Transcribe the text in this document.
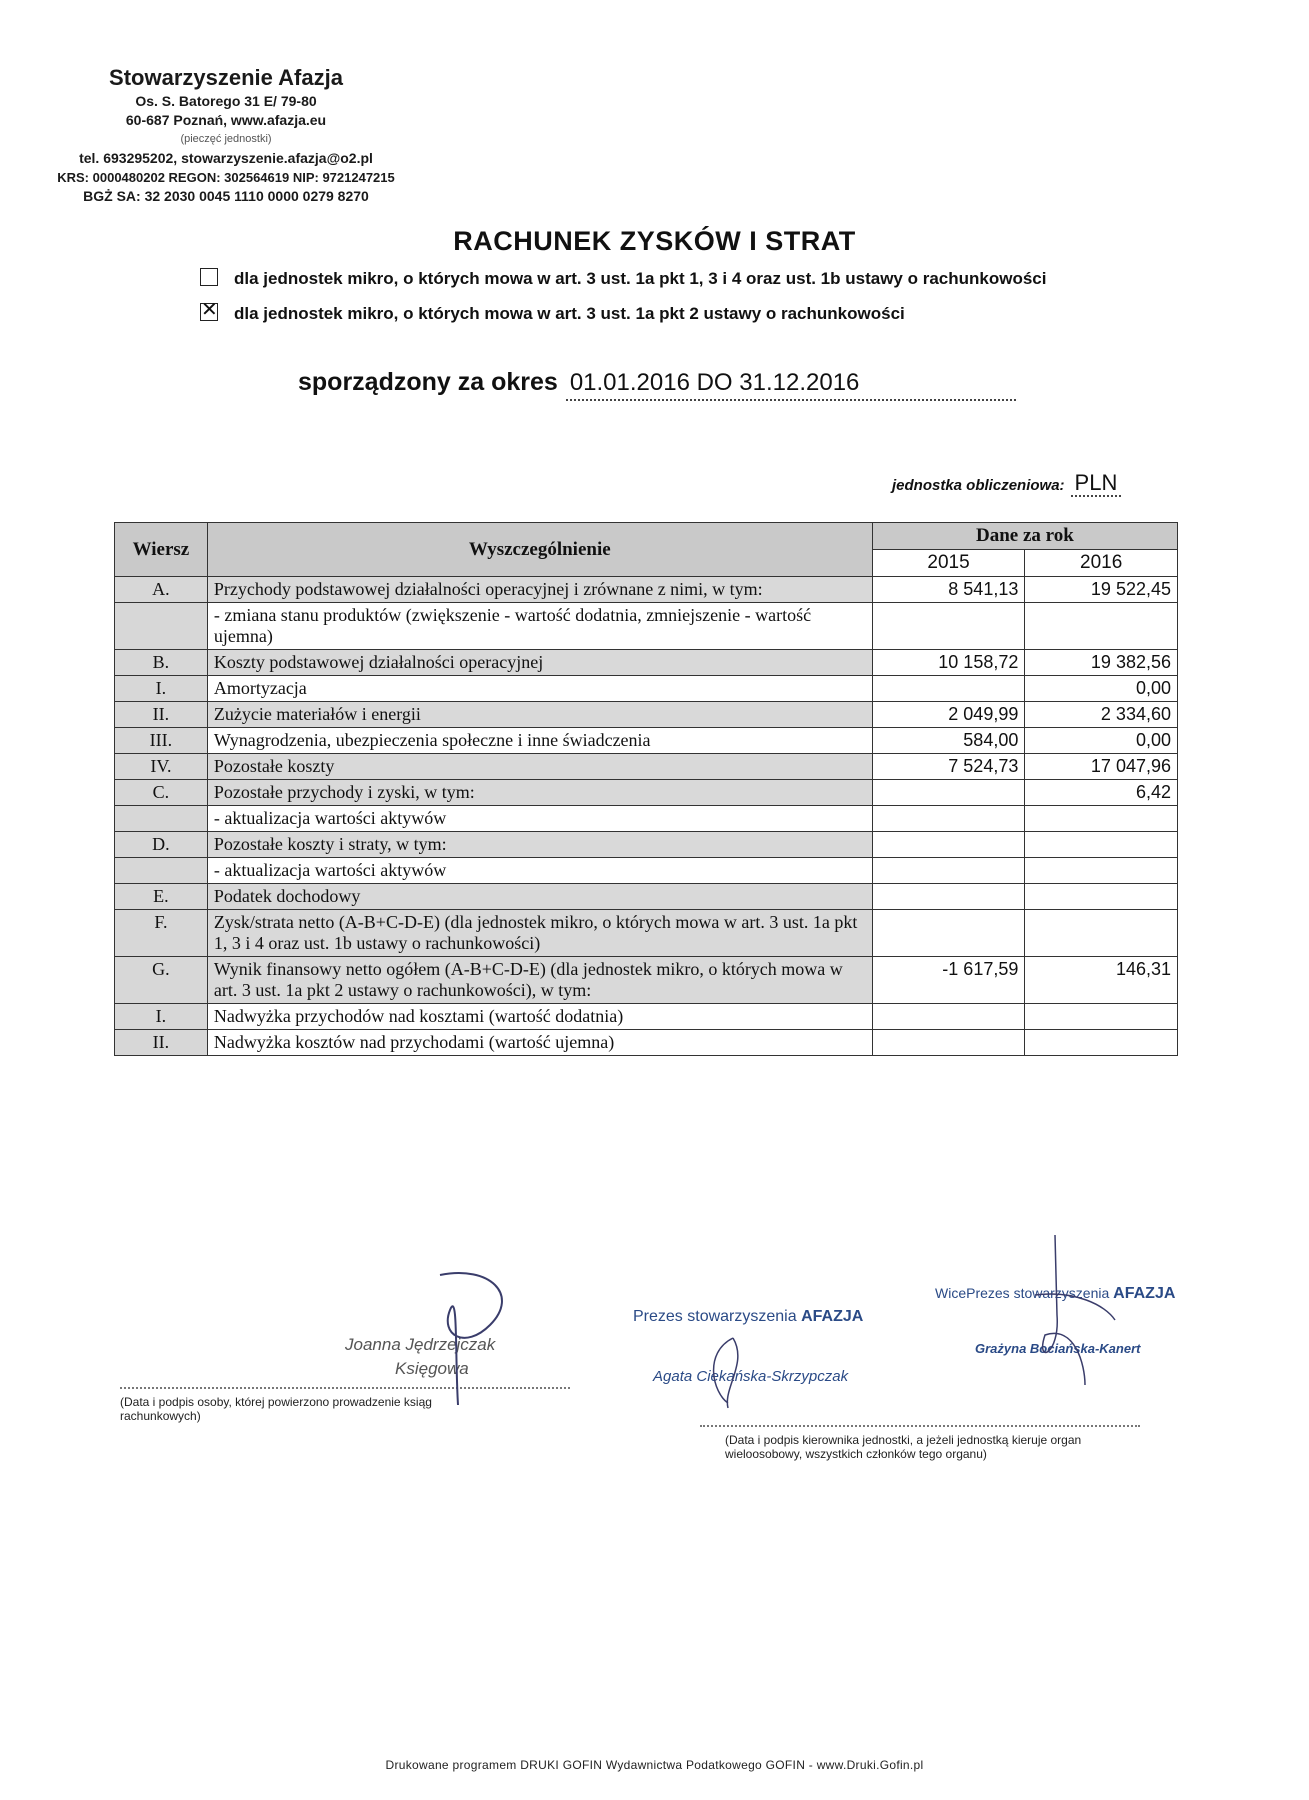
Stowarzyszenie Afazja
Os. S. Batorego 31 E/ 79-80
60-687 Poznań, www.afazja.eu
(pieczęć jednostki)
tel. 693295202, stowarzyszenie.afazja@o2.pl
KRS: 0000480202 REGON: 302564619 NIP: 9721247215
BGŻ SA: 32 2030 0045 1110 0000 0279 8270
RACHUNEK ZYSKÓW I STRAT
dla jednostek mikro, o których mowa w art. 3 ust. 1a pkt 1, 3 i 4 oraz ust. 1b ustawy o rachunkowości
✕ dla jednostek mikro, o których mowa w art. 3 ust. 1a pkt 2 ustawy o rachunkowości
sporządzony za okres 01.01.2016 DO 31.12.2016
jednostka obliczeniowa: PLN
Wiersz	Wyszczególnienie	Dane za rok	
		2015	2016
A.	Przychody podstawowej działalności operacyjnej i zrównane z nimi, w tym:	8 541,13	19 522,45
	- zmiana stanu produktów (zwiększenie - wartość dodatnia, zmniejszenie - wartość ujemna)		
B.	Koszty podstawowej działalności operacyjnej	10 158,72	19 382,56
I.	Amortyzacja		0,00
II.	Zużycie materiałów i energii	2 049,99	2 334,60
III.	Wynagrodzenia, ubezpieczenia społeczne i inne świadczenia	584,00	0,00
IV.	Pozostałe koszty	7 524,73	17 047,96
C.	Pozostałe przychody i zyski, w tym:		6,42
	- aktualizacja wartości aktywów		
D.	Pozostałe koszty i straty, w tym:		
	- aktualizacja wartości aktywów		
E.	Podatek dochodowy		
F.	Zysk/strata netto (A-B+C-D-E) (dla jednostek mikro, o których mowa w art. 3 ust. 1a pkt 1, 3 i 4 oraz ust. 1b ustawy o rachunkowości)		
G.	Wynik finansowy netto ogółem (A-B+C-D-E) (dla jednostek mikro, o których mowa w art. 3 ust. 1a pkt 2 ustawy o rachunkowości), w tym:	-1 617,59	146,31
I.	Nadwyżka przychodów nad kosztami (wartość dodatnia)		
II.	Nadwyżka kosztów nad przychodami (wartość ujemna)		
Joanna Jędrzejczak
Księgowa
(Data i podpis osoby, której powierzono prowadzenie ksiąg rachunkowych)
Prezes stowarzyszenia AFAZJA
Agata Ciekańska-Skrzypczak
WicePrezes stowarzyszenia AFAZJA
Grażyna Bociańska-Kanert
(Data i podpis kierownika jednostki, a jeżeli jednostką kieruje organ wieloosobowy, wszystkich członków tego organu)
Drukowane programem DRUKI GOFIN Wydawnictwa Podatkowego GOFIN - www.Druki.Gofin.pl
